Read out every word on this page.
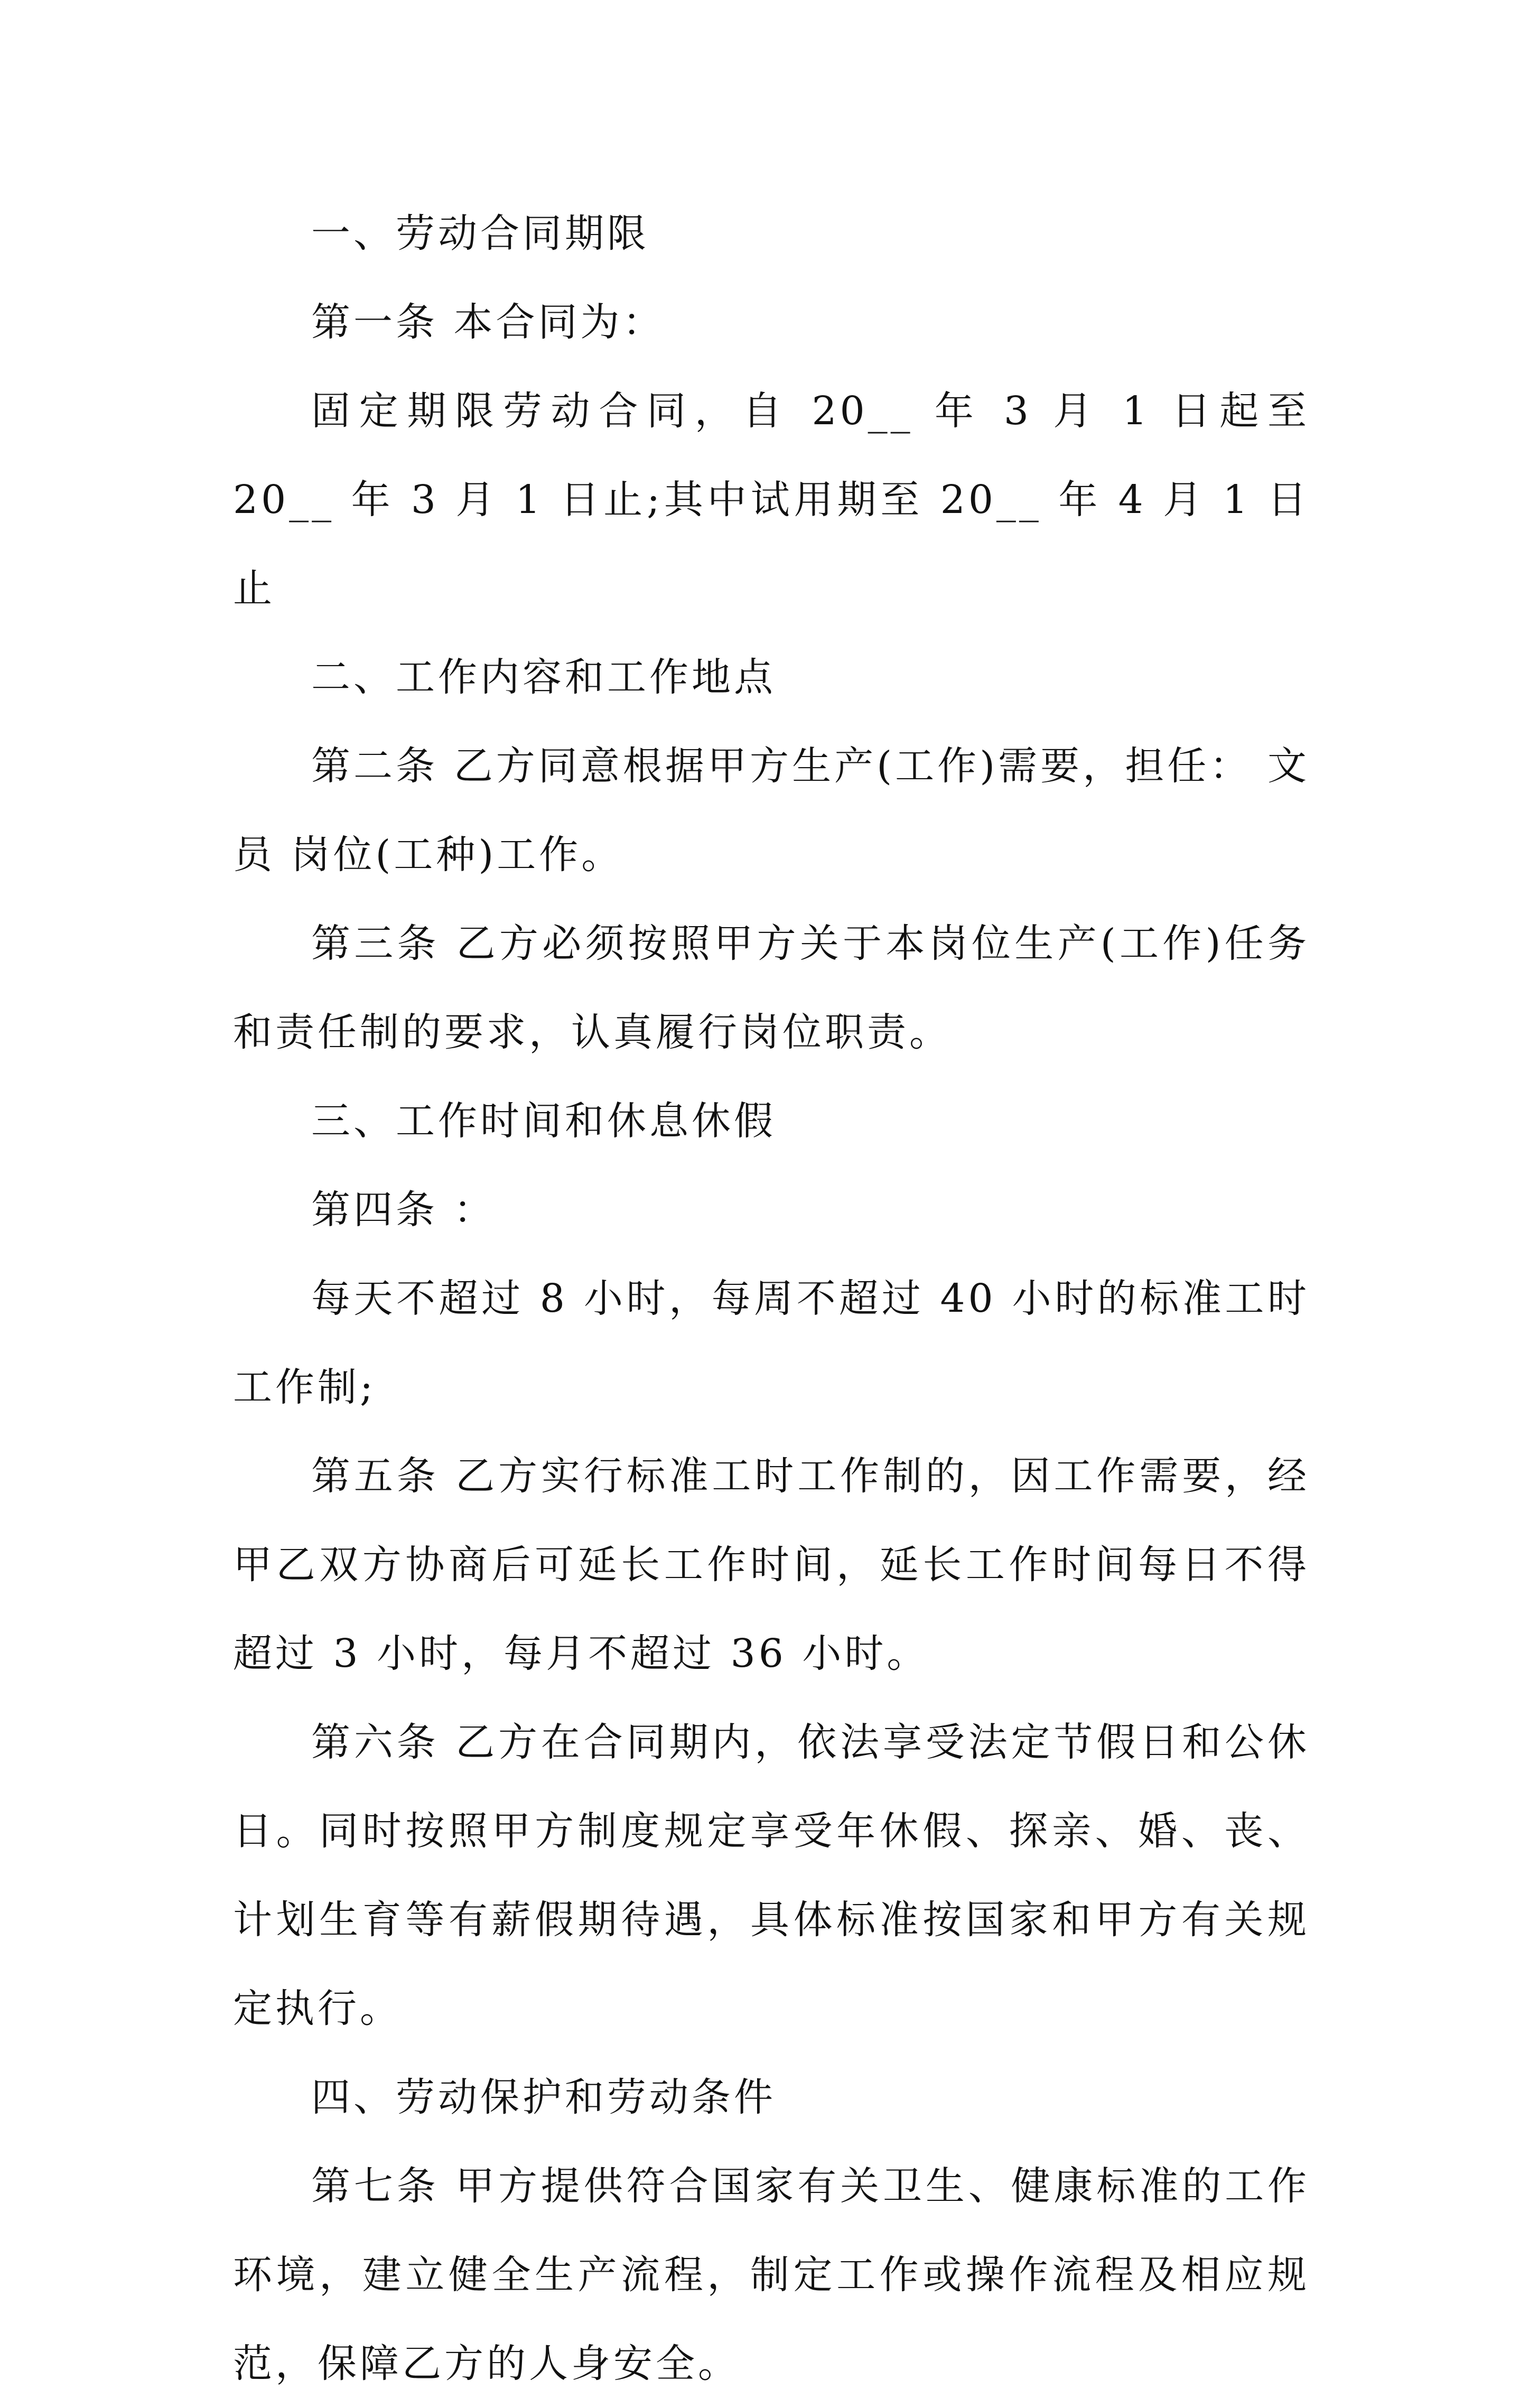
一、劳动合同期限

第一条 本合同为：

固定期限劳动合同，自 20__ 年 3 月 1 日起至 20__ 年 3 月 1 日止;其中试用期至 20__ 年 4 月 1 日止

二、工作内容和工作地点

第二条 乙方同意根据甲方生产(工作)需要，担任： 文员 岗位(工种)工作。

第三条 乙方必须按照甲方关于本岗位生产(工作)任务和责任制的要求，认真履行岗位职责。

三、工作时间和休息休假

第四条 ：

每天不超过 8 小时，每周不超过 40 小时的标准工时工作制;

第五条 乙方实行标准工时工作制的，因工作需要，经甲乙双方协商后可延长工作时间，延长工作时间每日不得超过 3 小时，每月不超过 36 小时。

第六条 乙方在合同期内，依法享受法定节假日和公休日。同时按照甲方制度规定享受年休假、探亲、婚、丧、计划生育等有薪假期待遇，具体标准按国家和甲方有关规定执行。

四、劳动保护和劳动条件

第七条 甲方提供符合国家有关卫生、健康标准的工作环境，建立健全生产流程，制定工作或操作流程及相应规范，保障乙方的人身安全。
